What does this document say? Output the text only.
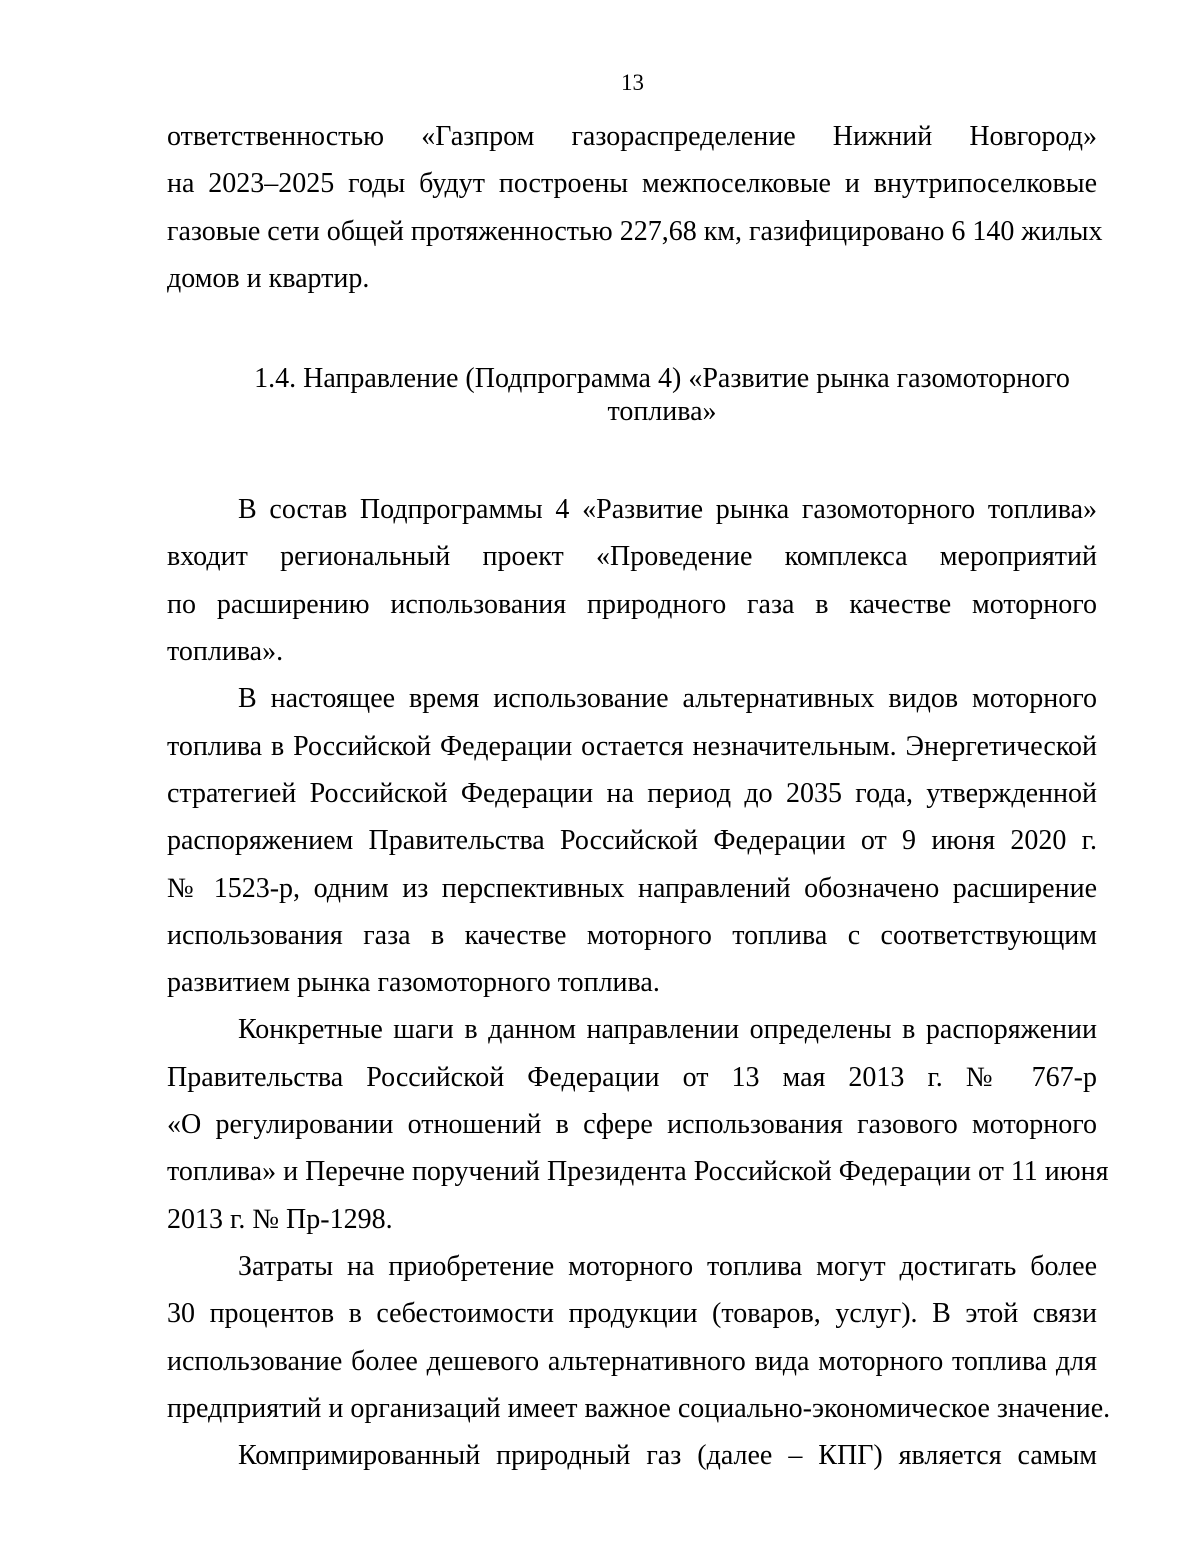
13

ответственностью «Газпром газораспределение Нижний Новгород»
на 2023–2025 годы будут построены межпоселковые и внутрипоселковые
газовые сети общей протяженностью 227,68 км, газифицировано 6 140 жилых
домов и квартир.

1.4. Направление (Подпрограмма 4) «Развитие рынка газомоторного
топлива»

В состав Подпрограммы 4 «Развитие рынка газомоторного топлива»
входит региональный проект «Проведение комплекса мероприятий
по расширению использования природного газа в качестве моторного
топлива».

В настоящее время использование альтернативных видов моторного
топлива в Российской Федерации остается незначительным. Энергетической
стратегией Российской Федерации на период до 2035 года, утвержденной
распоряжением Правительства Российской Федерации от 9 июня 2020 г.
№ 1523-р, одним из перспективных направлений обозначено расширение
использования газа в качестве моторного топлива с соответствующим
развитием рынка газомоторного топлива.

Конкретные шаги в данном направлении определены в распоряжении
Правительства Российской Федерации от 13 мая 2013 г. № 767-р
«О регулировании отношений в сфере использования газового моторного
топлива» и Перечне поручений Президента Российской Федерации от 11 июня
2013 г. № Пр-1298.

Затраты на приобретение моторного топлива могут достигать более
30 процентов в себестоимости продукции (товаров, услуг). В этой связи
использование более дешевого альтернативного вида моторного топлива для
предприятий и организаций имеет важное социально-экономическое значение.

Компримированный природный газ (далее – КПГ) является самым
